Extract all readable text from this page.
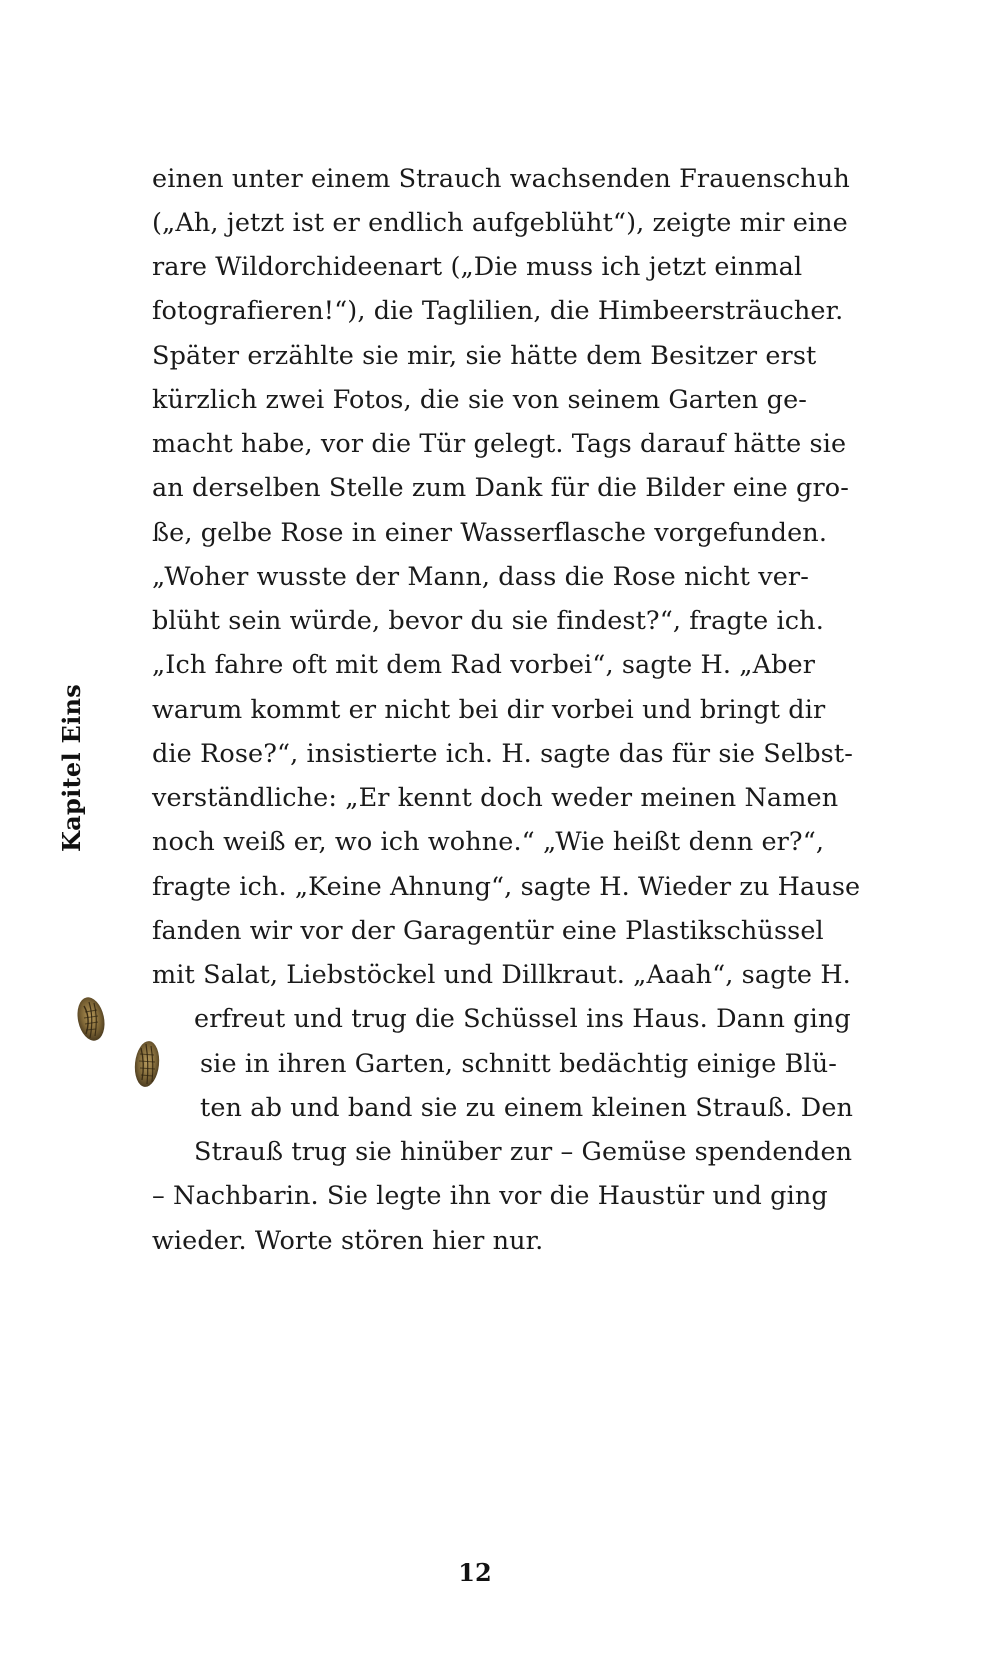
Kapitel Eins
einen unter einem Strauch wachsenden Frauenschuh
(„Ah, jetzt ist er endlich aufgeblüht“), zeigte mir eine
rare Wildorchideenart („Die muss ich jetzt einmal
fotografieren!“), die Taglilien, die Himbeersträucher.
Später erzählte sie mir, sie hätte dem Besitzer erst
kürzlich zwei Fotos, die sie von seinem Garten ge-
macht habe, vor die Tür gelegt. Tags darauf hätte sie
an derselben Stelle zum Dank für die Bilder eine gro-
ße, gelbe Rose in einer Wasserflasche vorgefunden.
„Woher wusste der Mann, dass die Rose nicht ver-
blüht sein würde, bevor du sie findest?“, fragte ich.
„Ich fahre oft mit dem Rad vorbei“, sagte H. „Aber
warum kommt er nicht bei dir vorbei und bringt dir
die Rose?“, insistierte ich. H. sagte das für sie Selbst-
verständliche: „Er kennt doch weder meinen Namen
noch weiß er, wo ich wohne.“ „Wie heißt denn er?“,
fragte ich. „Keine Ahnung“, sagte H. Wieder zu Hause
fanden wir vor der Garagentür eine Plastikschüssel
mit Salat, Liebstöckel und Dillkraut. „Aaah“, sagte H.
erfreut und trug die Schüssel ins Haus. Dann ging
sie in ihren Garten, schnitt bedächtig einige Blü-
ten ab und band sie zu einem kleinen Strauß. Den
Strauß trug sie hinüber zur – Gemüse spendenden
– Nachbarin. Sie legte ihn vor die Haustür und ging
wieder. Worte stören hier nur.
12
